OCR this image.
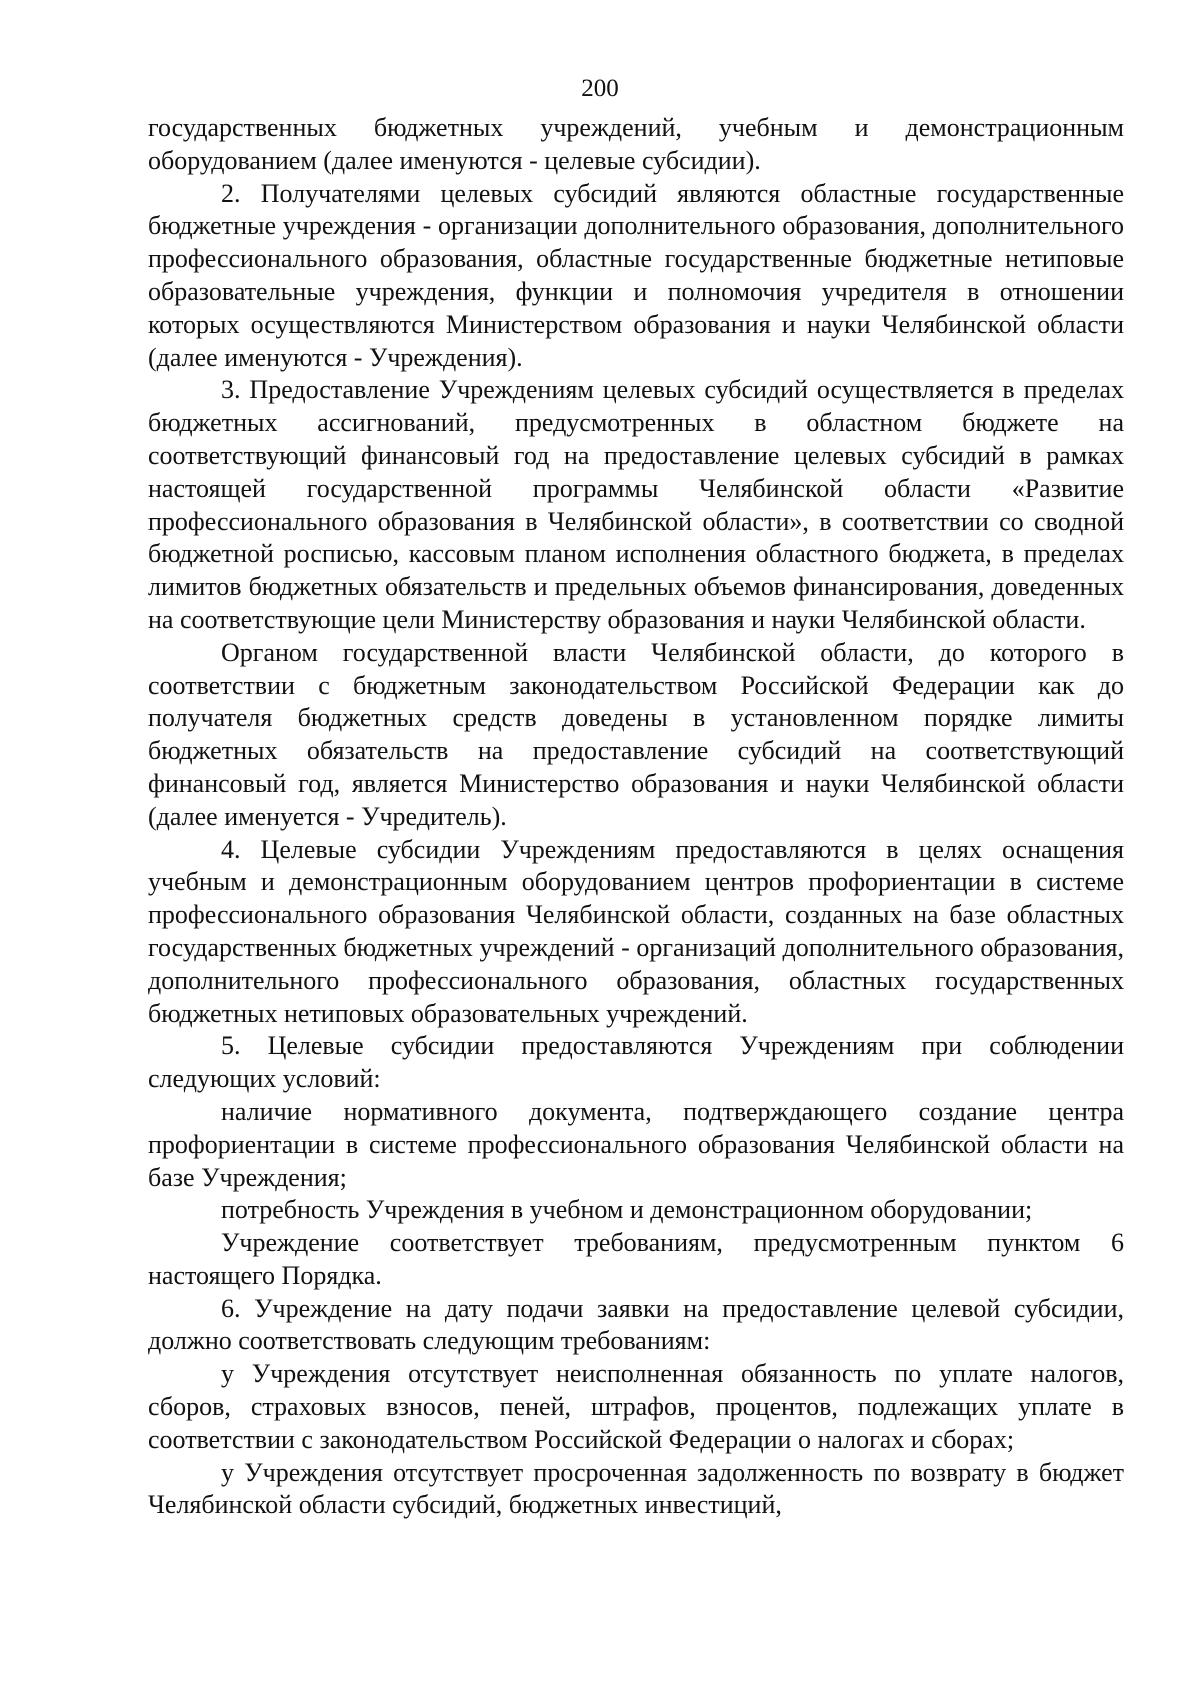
200

государственных бюджетных учреждений, учебным и демонстрационным оборудованием (далее именуются - целевые субсидии).

2. Получателями целевых субсидий являются областные государственные бюджетные учреждения - организации дополнительного образования, дополнительного профессионального образования, областные государственные бюджетные нетиповые образовательные учреждения, функции и полномочия учредителя в отношении которых осуществляются Министерством образования и науки Челябинской области (далее именуются - Учреждения).

3. Предоставление Учреждениям целевых субсидий осуществляется в пределах бюджетных ассигнований, предусмотренных в областном бюджете на соответствующий финансовый год на предоставление целевых субсидий в рамках настоящей государственной программы Челябинской области «Развитие профессионального образования в Челябинской области», в соответствии со сводной бюджетной росписью, кассовым планом исполнения областного бюджета, в пределах лимитов бюджетных обязательств и предельных объемов финансирования, доведенных на соответствующие цели Министерству образования и науки Челябинской области.

Органом государственной власти Челябинской области, до которого в соответствии с бюджетным законодательством Российской Федерации как до получателя бюджетных средств доведены в установленном порядке лимиты бюджетных обязательств на предоставление субсидий на соответствующий финансовый год, является Министерство образования и науки Челябинской области (далее именуется - Учредитель).

4. Целевые субсидии Учреждениям предоставляются в целях оснащения учебным и демонстрационным оборудованием центров профориентации в системе профессионального образования Челябинской области, созданных на базе областных государственных бюджетных учреждений - организаций дополнительного образования, дополнительного профессионального образования, областных государственных бюджетных нетиповых образовательных учреждений.

5. Целевые субсидии предоставляются Учреждениям при соблюдении следующих условий:

наличие нормативного документа, подтверждающего создание центра профориентации в системе профессионального образования Челябинской области на базе Учреждения;

потребность Учреждения в учебном и демонстрационном оборудовании;

Учреждение соответствует требованиям, предусмотренным пунктом 6 настоящего Порядка.

6. Учреждение на дату подачи заявки на предоставление целевой субсидии, должно соответствовать следующим требованиям:

у Учреждения отсутствует неисполненная обязанность по уплате налогов, сборов, страховых взносов, пеней, штрафов, процентов, подлежащих уплате в соответствии с законодательством Российской Федерации о налогах и сборах;

у Учреждения отсутствует просроченная задолженность по возврату в бюджет Челябинской области субсидий, бюджетных инвестиций,
